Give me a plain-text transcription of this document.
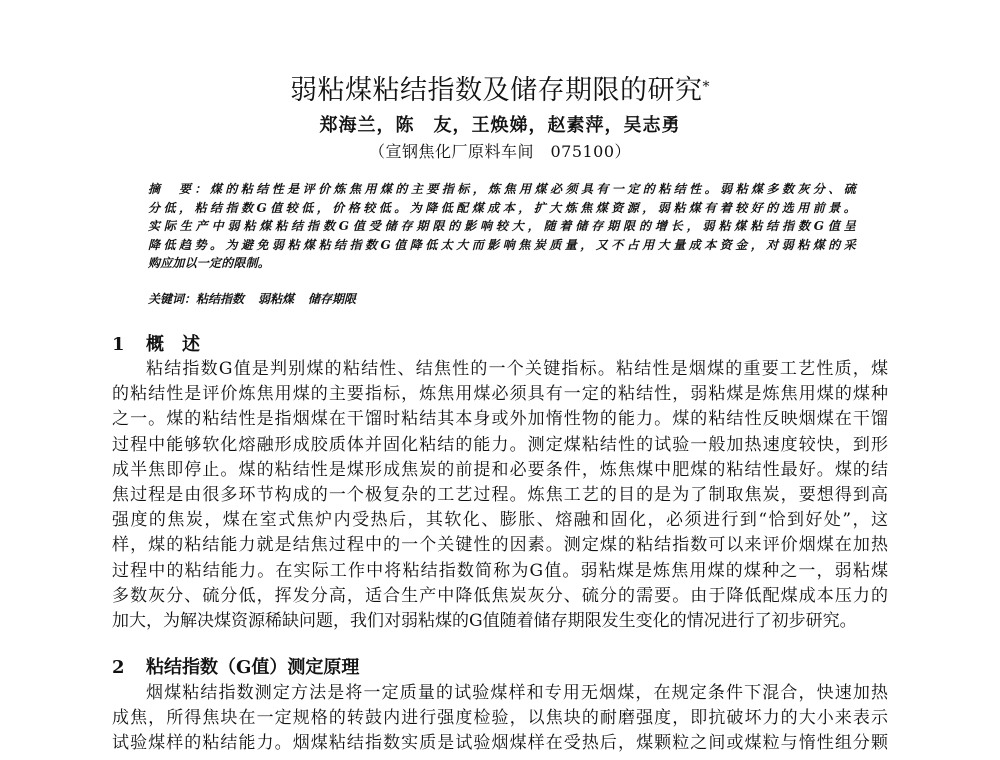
弱粘煤粘结指数及储存期限的研究*
郑海兰，陈　友，王焕娣，赵素萍，吴志勇
（宣钢焦化厂原料车间　075100）
摘　要：煤的粘结性是评价炼焦用煤的主要指标，炼焦用煤必须具有一定的粘结性。弱粘煤多数灰分、硫
分低，粘结指数G值较低，价格较低。为降低配煤成本，扩大炼焦煤资源，弱粘煤有着较好的选用前景。
实际生产中弱粘煤粘结指数G值受储存期限的影响较大，随着储存期限的增长，弱粘煤粘结指数G值呈
降低趋势。为避免弱粘煤粘结指数G值降低太大而影响焦炭质量，又不占用大量成本资金，对弱粘煤的采
购应加以一定的限制。
关键词：粘结指数 弱粘煤 储存期限
1 概　述
粘结指数G值是判别煤的粘结性、结焦性的一个关键指标。粘结性是烟煤的重要工艺性质，煤
的粘结性是评价炼焦用煤的主要指标，炼焦用煤必须具有一定的粘结性，弱粘煤是炼焦用煤的煤种
之一。煤的粘结性是指烟煤在干馏时粘结其本身或外加惰性物的能力。煤的粘结性反映烟煤在干馏
过程中能够软化熔融形成胶质体并固化粘结的能力。测定煤粘结性的试验一般加热速度较快，到形
成半焦即停止。煤的粘结性是煤形成焦炭的前提和必要条件，炼焦煤中肥煤的粘结性最好。煤的结
焦过程是由很多环节构成的一个极复杂的工艺过程。炼焦工艺的目的是为了制取焦炭，要想得到高
强度的焦炭，煤在室式焦炉内受热后，其软化、膨胀、熔融和固化，必须进行到“恰到好处”，这
样，煤的粘结能力就是结焦过程中的一个关键性的因素。测定煤的粘结指数可以来评价烟煤在加热
过程中的粘结能力。在实际工作中将粘结指数简称为G值。弱粘煤是炼焦用煤的煤种之一，弱粘煤
多数灰分、硫分低，挥发分高，适合生产中降低焦炭灰分、硫分的需要。由于降低配煤成本压力的
加大，为解决煤资源稀缺问题，我们对弱粘煤的G值随着储存期限发生变化的情况进行了初步研究。
2 粘结指数（G值）测定原理
烟煤粘结指数测定方法是将一定质量的试验煤样和专用无烟煤，在规定条件下混合，快速加热
成焦，所得焦块在一定规格的转鼓内进行强度检验，以焦块的耐磨强度，即抗破坏力的大小来表示
试验煤样的粘结能力。烟煤粘结指数实质是试验烟煤样在受热后，煤颗粒之间或煤粒与惰性组分颗
